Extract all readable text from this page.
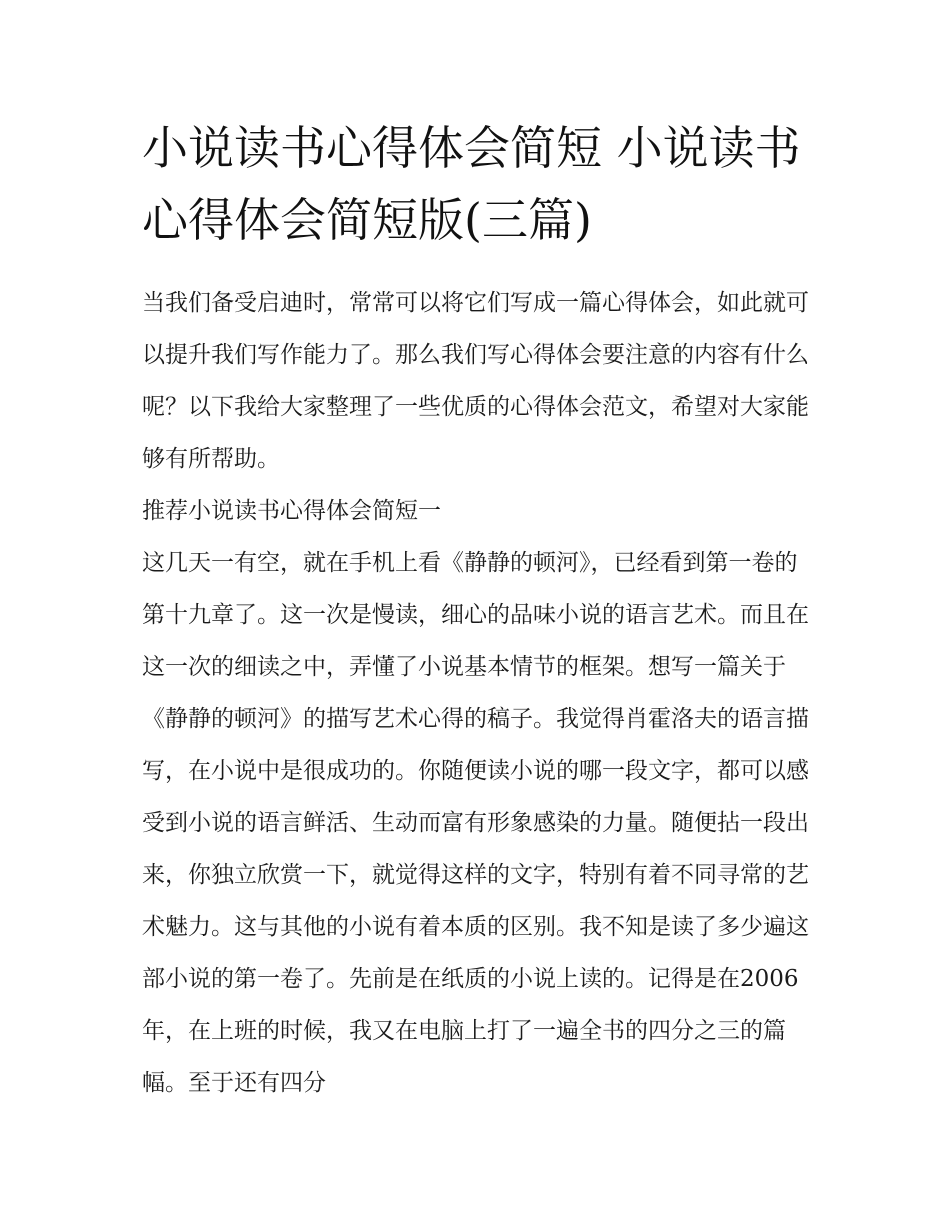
小说读书心得体会简短 小说读书心得体会简短版(三篇)

当我们备受启迪时，常常可以将它们写成一篇心得体会，如此就可以提升我们写作能力了。那么我们写心得体会要注意的内容有什么呢？以下我给大家整理了一些优质的心得体会范文，希望对大家能够有所帮助。

推荐小说读书心得体会简短一

这几天一有空，就在手机上看《静静的顿河》，已经看到第一卷的第十九章了。这一次是慢读，细心的品味小说的语言艺术。而且在这一次的细读之中，弄懂了小说基本情节的框架。想写一篇关于《静静的顿河》的描写艺术心得的稿子。我觉得肖霍洛夫的语言描写，在小说中是很成功的。你随便读小说的哪一段文字，都可以感受到小说的语言鲜活、生动而富有形象感染的力量。随便拈一段出来，你独立欣赏一下，就觉得这样的文字，特别有着不同寻常的艺术魅力。这与其他的小说有着本质的区别。我不知是读了多少遍这部小说的第一卷了。先前是在纸质的小说上读的。记得是在2006年，在上班的时候，我又在电脑上打了一遍全书的四分之三的篇幅。至于还有四分
